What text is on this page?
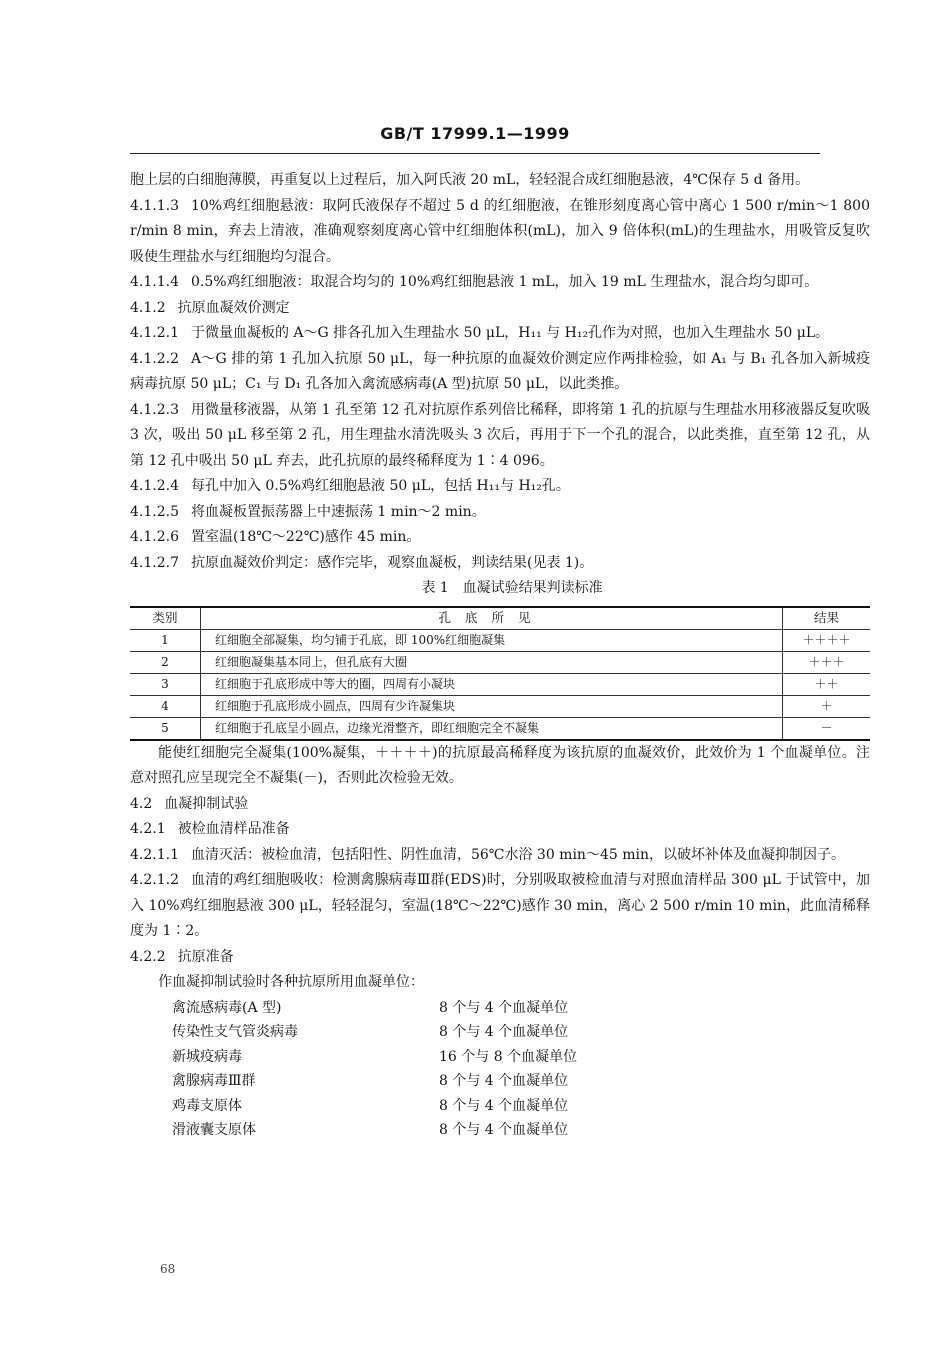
GB/T 17999.1—1999

胞上层的白细胞薄膜，再重复以上过程后，加入阿氏液 20 mL，轻轻混合成红细胞悬液，4℃保存 5 d 备用。

4.1.1.3 10%鸡红细胞悬液：取阿氏液保存不超过 5 d 的红细胞液，在锥形刻度离心管中离心 1 500 r/min～1 800 r/min 8 min，弃去上清液，准确观察刻度离心管中红细胞体积(mL)，加入 9 倍体积(mL)的生理盐水，用吸管反复吹吸使生理盐水与红细胞均匀混合。

4.1.1.4 0.5%鸡红细胞液：取混合均匀的 10%鸡红细胞悬液 1 mL，加入 19 mL 生理盐水，混合均匀即可。

4.1.2 抗原血凝效价测定

4.1.2.1 于微量血凝板的 A～G 排各孔加入生理盐水 50 μL，H₁₁ 与 H₁₂孔作为对照，也加入生理盐水 50 μL。

4.1.2.2 A～G 排的第 1 孔加入抗原 50 μL，每一种抗原的血凝效价测定应作两排检验，如 A₁ 与 B₁ 孔各加入新城疫病毒抗原 50 μL；C₁ 与 D₁ 孔各加入禽流感病毒(A 型)抗原 50 μL，以此类推。

4.1.2.3 用微量移液器，从第 1 孔至第 12 孔对抗原作系列倍比稀释，即将第 1 孔的抗原与生理盐水用移液器反复吹吸 3 次，吸出 50 μL 移至第 2 孔，用生理盐水清洗吸头 3 次后，再用于下一个孔的混合，以此类推，直至第 12 孔，从第 12 孔中吸出 50 μL 弃去，此孔抗原的最终稀释度为 1∶4 096。

4.1.2.4 每孔中加入 0.5%鸡红细胞悬液 50 μL，包括 H₁₁与 H₁₂孔。

4.1.2.5 将血凝板置振荡器上中速振荡 1 min～2 min。

4.1.2.6 置室温(18℃～22℃)感作 45 min。

4.1.2.7 抗原血凝效价判定：感作完毕，观察血凝板，判读结果(见表 1)。

表 1　血凝试验结果判读标准

类别	孔底所见	结果
1	红细胞全部凝集，均匀铺于孔底，即 100%红细胞凝集	＋＋＋＋
2	红细胞凝集基本同上，但孔底有大圈	＋＋＋
3	红细胞于孔底形成中等大的圈，四周有小凝块	＋＋
4	红细胞于孔底形成小圆点，四周有少许凝集块	＋
5	红细胞于孔底呈小圆点，边缘光滑整齐，即红细胞完全不凝集	－

能使红细胞完全凝集(100%凝集，＋＋＋＋)的抗原最高稀释度为该抗原的血凝效价，此效价为 1 个血凝单位。注意对照孔应呈现完全不凝集(－)，否则此次检验无效。

4.2 血凝抑制试验

4.2.1 被检血清样品准备

4.2.1.1 血清灭活：被检血清，包括阳性、阴性血清，56℃水浴 30 min～45 min，以破坏补体及血凝抑制因子。

4.2.1.2 血清的鸡红细胞吸收：检测禽腺病毒Ⅲ群(EDS)时，分别吸取被检血清与对照血清样品 300 μL 于试管中，加入 10%鸡红细胞悬液 300 μL，轻轻混匀，室温(18℃～22℃)感作 30 min，离心 2 500 r/min 10 min，此血清稀释度为 1∶2。

4.2.2 抗原准备

作血凝抑制试验时各种抗原所用血凝单位：

禽流感病毒(A 型)	8 个与 4 个血凝单位
传染性支气管炎病毒	8 个与 4 个血凝单位
新城疫病毒	16 个与 8 个血凝单位
禽腺病毒Ⅲ群	8 个与 4 个血凝单位
鸡毒支原体	8 个与 4 个血凝单位
滑液囊支原体	8 个与 4 个血凝单位
68
